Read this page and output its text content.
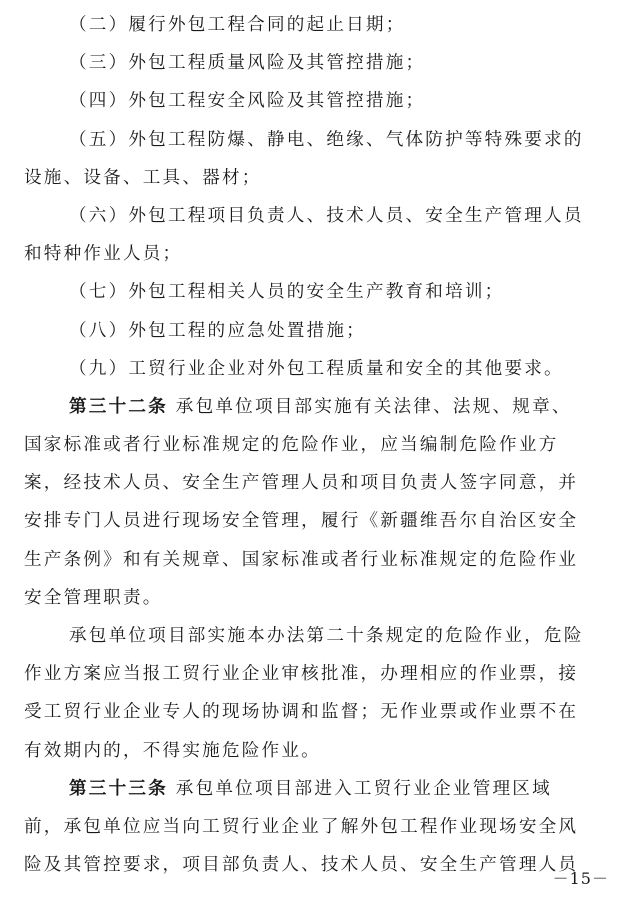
（二）履行外包工程合同的起止日期；
（三）外包工程质量风险及其管控措施；
（四）外包工程安全风险及其管控措施；
（五）外包工程防爆、静电、绝缘、气体防护等特殊要求的
设施、设备、工具、器材；
（六）外包工程项目负责人、技术人员、安全生产管理人员
和特种作业人员；
（七）外包工程相关人员的安全生产教育和培训；
（八）外包工程的应急处置措施；
（九）工贸行业企业对外包工程质量和安全的其他要求。
第三十二条 承包单位项目部实施有关法律、法规、规章、
国家标准或者行业标准规定的危险作业，应当编制危险作业方
案，经技术人员、安全生产管理人员和项目负责人签字同意，并
安排专门人员进行现场安全管理，履行《新疆维吾尔自治区安全
生产条例》和有关规章、国家标准或者行业标准规定的危险作业
安全管理职责。
承包单位项目部实施本办法第二十条规定的危险作业，危险
作业方案应当报工贸行业企业审核批准，办理相应的作业票，接
受工贸行业企业专人的现场协调和监督；无作业票或作业票不在
有效期内的，不得实施危险作业。
第三十三条 承包单位项目部进入工贸行业企业管理区域
前，承包单位应当向工贸行业企业了解外包工程作业现场安全风
险及其管控要求，项目部负责人、技术人员、安全生产管理人员
－15－
